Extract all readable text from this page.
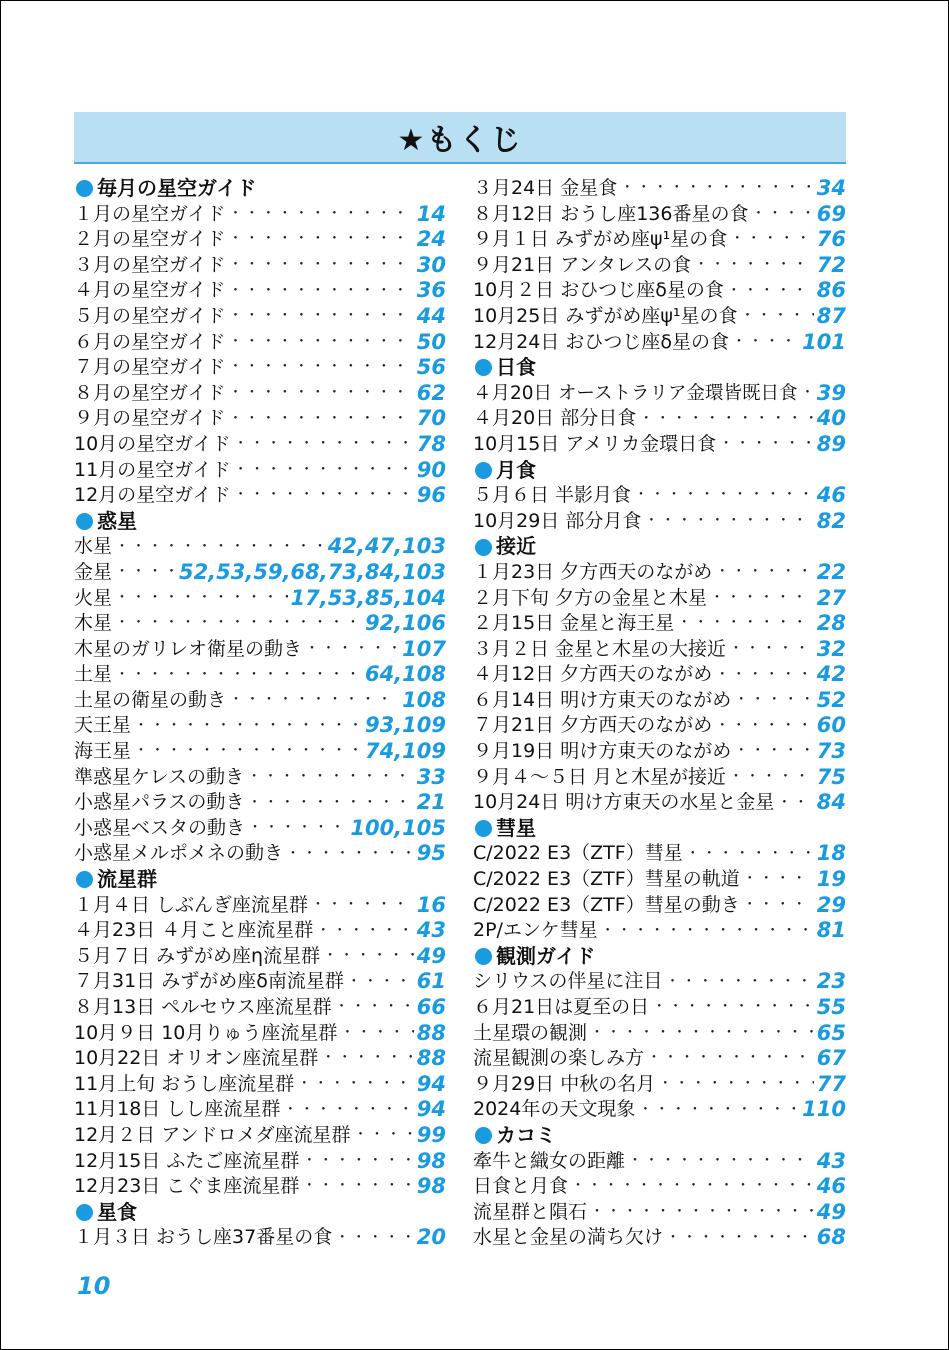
★もくじ
毎月の星空ガイド
１月の星空ガイド ・・・・・・・・・・・・・・・・・・・・・・・・・・・・・・・・・・・・・・・・・・・・・・・・・・・・・	14
２月の星空ガイド ・・・・・・・・・・・・・・・・・・・・・・・・・・・・・・・・・・・・・・・・・・・・・・・・・・・・・	24
３月の星空ガイド ・・・・・・・・・・・・・・・・・・・・・・・・・・・・・・・・・・・・・・・・・・・・・・・・・・・・・	30
４月の星空ガイド ・・・・・・・・・・・・・・・・・・・・・・・・・・・・・・・・・・・・・・・・・・・・・・・・・・・・・	36
５月の星空ガイド ・・・・・・・・・・・・・・・・・・・・・・・・・・・・・・・・・・・・・・・・・・・・・・・・・・・・・	44
６月の星空ガイド ・・・・・・・・・・・・・・・・・・・・・・・・・・・・・・・・・・・・・・・・・・・・・・・・・・・・・	50
７月の星空ガイド ・・・・・・・・・・・・・・・・・・・・・・・・・・・・・・・・・・・・・・・・・・・・・・・・・・・・・	56
８月の星空ガイド ・・・・・・・・・・・・・・・・・・・・・・・・・・・・・・・・・・・・・・・・・・・・・・・・・・・・・	62
９月の星空ガイド ・・・・・・・・・・・・・・・・・・・・・・・・・・・・・・・・・・・・・・・・・・・・・・・・・・・・・	70
10月の星空ガイド ・・・・・・・・・・・・・・・・・・・・・・・・・・・・・・・・・・・・・・・・・・・・・・・・・・・・・	78
11月の星空ガイド ・・・・・・・・・・・・・・・・・・・・・・・・・・・・・・・・・・・・・・・・・・・・・・・・・・・・・	90
12月の星空ガイド ・・・・・・・・・・・・・・・・・・・・・・・・・・・・・・・・・・・・・・・・・・・・・・・・・・・・・	96
惑星
水星 ・・・・・・・・・・・・・・・・・・・・・・・・・・・・・・・・・・・・・・・・・・・・・・・・・・・・・	42,47,103
金星 ・・・・・・・・・・・・・・・・・・・・・・・・・・・・・・・・・・・・・・・・・・・・・・・・・・・・・	52,53,59,68,73,84,103
火星 ・・・・・・・・・・・・・・・・・・・・・・・・・・・・・・・・・・・・・・・・・・・・・・・・・・・・・	17,53,85,104
木星 ・・・・・・・・・・・・・・・・・・・・・・・・・・・・・・・・・・・・・・・・・・・・・・・・・・・・・	92,106
木星のガリレオ衛星の動き ・・・・・・・・・・・・・・・・・・・・・・・・・・・・・・・・・・・・・・・・・・・・・・・・・・・・・	107
土星 ・・・・・・・・・・・・・・・・・・・・・・・・・・・・・・・・・・・・・・・・・・・・・・・・・・・・・	64,108
土星の衛星の動き ・・・・・・・・・・・・・・・・・・・・・・・・・・・・・・・・・・・・・・・・・・・・・・・・・・・・・	108
天王星 ・・・・・・・・・・・・・・・・・・・・・・・・・・・・・・・・・・・・・・・・・・・・・・・・・・・・・	93,109
海王星 ・・・・・・・・・・・・・・・・・・・・・・・・・・・・・・・・・・・・・・・・・・・・・・・・・・・・・	74,109
準惑星ケレスの動き ・・・・・・・・・・・・・・・・・・・・・・・・・・・・・・・・・・・・・・・・・・・・・・・・・・・・・	33
小惑星パラスの動き ・・・・・・・・・・・・・・・・・・・・・・・・・・・・・・・・・・・・・・・・・・・・・・・・・・・・・	21
小惑星ベスタの動き ・・・・・・・・・・・・・・・・・・・・・・・・・・・・・・・・・・・・・・・・・・・・・・・・・・・・・	100,105
小惑星メルポメネの動き ・・・・・・・・・・・・・・・・・・・・・・・・・・・・・・・・・・・・・・・・・・・・・・・・・・・・・	95
流星群
１月４日 しぶんぎ座流星群 ・・・・・・・・・・・・・・・・・・・・・・・・・・・・・・・・・・・・・・・・・・・・・・・・・・・・・	16
４月23日 ４月こと座流星群 ・・・・・・・・・・・・・・・・・・・・・・・・・・・・・・・・・・・・・・・・・・・・・・・・・・・・・	43
５月７日 みずがめ座η流星群 ・・・・・・・・・・・・・・・・・・・・・・・・・・・・・・・・・・・・・・・・・・・・・・・・・・・・・	49
７月31日 みずがめ座δ南流星群 ・・・・・・・・・・・・・・・・・・・・・・・・・・・・・・・・・・・・・・・・・・・・・・・・・・・・・	61
８月13日 ペルセウス座流星群 ・・・・・・・・・・・・・・・・・・・・・・・・・・・・・・・・・・・・・・・・・・・・・・・・・・・・・	66
10月９日 10月りゅう座流星群 ・・・・・・・・・・・・・・・・・・・・・・・・・・・・・・・・・・・・・・・・・・・・・・・・・・・・・	88
10月22日 オリオン座流星群 ・・・・・・・・・・・・・・・・・・・・・・・・・・・・・・・・・・・・・・・・・・・・・・・・・・・・・	88
11月上旬 おうし座流星群 ・・・・・・・・・・・・・・・・・・・・・・・・・・・・・・・・・・・・・・・・・・・・・・・・・・・・・	94
11月18日 しし座流星群 ・・・・・・・・・・・・・・・・・・・・・・・・・・・・・・・・・・・・・・・・・・・・・・・・・・・・・	94
12月２日 アンドロメダ座流星群 ・・・・・・・・・・・・・・・・・・・・・・・・・・・・・・・・・・・・・・・・・・・・・・・・・・・・・	99
12月15日 ふたご座流星群 ・・・・・・・・・・・・・・・・・・・・・・・・・・・・・・・・・・・・・・・・・・・・・・・・・・・・・	98
12月23日 こぐま座流星群 ・・・・・・・・・・・・・・・・・・・・・・・・・・・・・・・・・・・・・・・・・・・・・・・・・・・・・	98
星食
１月３日 おうし座37番星の食 ・・・・・・・・・・・・・・・・・・・・・・・・・・・・・・・・・・・・・・・・・・・・・・・・・・・・・	20
３月24日 金星食 ・・・・・・・・・・・・・・・・・・・・・・・・・・・・・・・・・・・・・・・・・・・・・・・・・・・・・	34
８月12日 おうし座136番星の食 ・・・・・・・・・・・・・・・・・・・・・・・・・・・・・・・・・・・・・・・・・・・・・・・・・・・・・	69
９月１日 みずがめ座ψ¹星の食 ・・・・・・・・・・・・・・・・・・・・・・・・・・・・・・・・・・・・・・・・・・・・・・・・・・・・・	76
９月21日 アンタレスの食 ・・・・・・・・・・・・・・・・・・・・・・・・・・・・・・・・・・・・・・・・・・・・・・・・・・・・・	72
10月２日 おひつじ座δ星の食 ・・・・・・・・・・・・・・・・・・・・・・・・・・・・・・・・・・・・・・・・・・・・・・・・・・・・・	86
10月25日 みずがめ座ψ¹星の食 ・・・・・・・・・・・・・・・・・・・・・・・・・・・・・・・・・・・・・・・・・・・・・・・・・・・・・	87
12月24日 おひつじ座δ星の食 ・・・・・・・・・・・・・・・・・・・・・・・・・・・・・・・・・・・・・・・・・・・・・・・・・・・・・	101
日食
４月20日 オーストラリア金環皆既日食 ・・・・・・・・・・・・・・・・・・・・・・・・・・・・・・・・・・・・・・・・・・・・・・・・・・・・・ 39
４月20日 部分日食 ・・・・・・・・・・・・・・・・・・・・・・・・・・・・・・・・・・・・・・・・・・・・・・・・・・・・・	40
10月15日 アメリカ金環日食 ・・・・・・・・・・・・・・・・・・・・・・・・・・・・・・・・・・・・・・・・・・・・・・・・・・・・・	89
月食
５月６日 半影月食 ・・・・・・・・・・・・・・・・・・・・・・・・・・・・・・・・・・・・・・・・・・・・・・・・・・・・・	46
10月29日 部分月食 ・・・・・・・・・・・・・・・・・・・・・・・・・・・・・・・・・・・・・・・・・・・・・・・・・・・・・	82
接近
１月23日 夕方西天のながめ ・・・・・・・・・・・・・・・・・・・・・・・・・・・・・・・・・・・・・・・・・・・・・・・・・・・・・	22
２月下旬 夕方の金星と木星 ・・・・・・・・・・・・・・・・・・・・・・・・・・・・・・・・・・・・・・・・・・・・・・・・・・・・・	27
２月15日 金星と海王星 ・・・・・・・・・・・・・・・・・・・・・・・・・・・・・・・・・・・・・・・・・・・・・・・・・・・・・	28
３月２日 金星と木星の大接近 ・・・・・・・・・・・・・・・・・・・・・・・・・・・・・・・・・・・・・・・・・・・・・・・・・・・・・	32
４月12日 夕方西天のながめ ・・・・・・・・・・・・・・・・・・・・・・・・・・・・・・・・・・・・・・・・・・・・・・・・・・・・・	42
６月14日 明け方東天のながめ ・・・・・・・・・・・・・・・・・・・・・・・・・・・・・・・・・・・・・・・・・・・・・・・・・・・・・	52
７月21日 夕方西天のながめ ・・・・・・・・・・・・・・・・・・・・・・・・・・・・・・・・・・・・・・・・・・・・・・・・・・・・・	60
９月19日 明け方東天のながめ ・・・・・・・・・・・・・・・・・・・・・・・・・・・・・・・・・・・・・・・・・・・・・・・・・・・・・	73
９月４～５日 月と木星が接近 ・・・・・・・・・・・・・・・・・・・・・・・・・・・・・・・・・・・・・・・・・・・・・・・・・・・・・	75
10月24日 明け方東天の水星と金星 ・・・・・・・・・・・・・・・・・・・・・・・・・・・・・・・・・・・・・・・・・・・・・・・・・・・・・ 84
彗星
C/2022 E3（ZTF）彗星 ・・・・・・・・・・・・・・・・・・・・・・・・・・・・・・・・・・・・・・・・・・・・・・・・・・・・・	18
C/2022 E3（ZTF）彗星の軌道 ・・・・・・・・・・・・・・・・・・・・・・・・・・・・・・・・・・・・・・・・・・・・・・・・・・・・・	19
C/2022 E3（ZTF）彗星の動き ・・・・・・・・・・・・・・・・・・・・・・・・・・・・・・・・・・・・・・・・・・・・・・・・・・・・・	29
2P/エンケ彗星 ・・・・・・・・・・・・・・・・・・・・・・・・・・・・・・・・・・・・・・・・・・・・・・・・・・・・・	81
観測ガイド
シリウスの伴星に注目 ・・・・・・・・・・・・・・・・・・・・・・・・・・・・・・・・・・・・・・・・・・・・・・・・・・・・・	23
６月21日は夏至の日 ・・・・・・・・・・・・・・・・・・・・・・・・・・・・・・・・・・・・・・・・・・・・・・・・・・・・・	55
土星環の観測 ・・・・・・・・・・・・・・・・・・・・・・・・・・・・・・・・・・・・・・・・・・・・・・・・・・・・・	65
流星観測の楽しみ方 ・・・・・・・・・・・・・・・・・・・・・・・・・・・・・・・・・・・・・・・・・・・・・・・・・・・・・	67
９月29日 中秋の名月 ・・・・・・・・・・・・・・・・・・・・・・・・・・・・・・・・・・・・・・・・・・・・・・・・・・・・・	77
2024年の天文現象 ・・・・・・・・・・・・・・・・・・・・・・・・・・・・・・・・・・・・・・・・・・・・・・・・・・・・・	110
カコミ
牽牛と織女の距離 ・・・・・・・・・・・・・・・・・・・・・・・・・・・・・・・・・・・・・・・・・・・・・・・・・・・・・	43
日食と月食 ・・・・・・・・・・・・・・・・・・・・・・・・・・・・・・・・・・・・・・・・・・・・・・・・・・・・・	46
流星群と隕石 ・・・・・・・・・・・・・・・・・・・・・・・・・・・・・・・・・・・・・・・・・・・・・・・・・・・・・	49
水星と金星の満ち欠け ・・・・・・・・・・・・・・・・・・・・・・・・・・・・・・・・・・・・・・・・・・・・・・・・・・・・・	68
10
